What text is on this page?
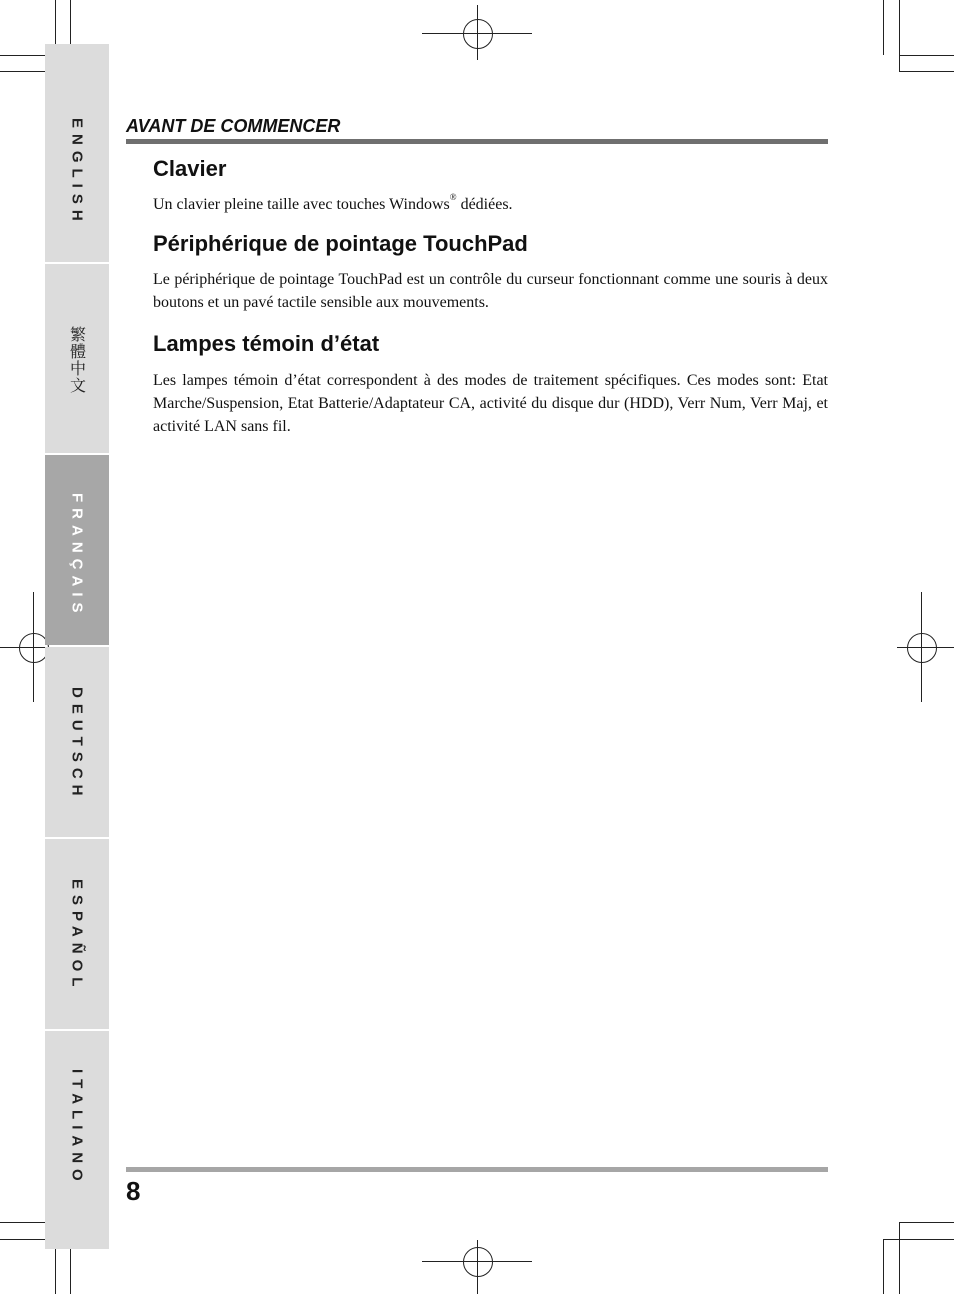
ENGLISH
繁體中文
FRANÇAIS
DEUTSCH
ESPAÑOL
ITALIANO
AVANT DE COMMENCER
Clavier

Un clavier pleine taille avec touches Windows® dédiées.

Périphérique de pointage TouchPad

Le périphérique de pointage TouchPad est un contrôle du curseur fonctionnant comme une souris à deux boutons et un pavé tactile sensible aux mouvements.

Lampes témoin d’état

Les lampes témoin d’état correspondent à des modes de traitement spécifiques. Ces modes sont: Etat Marche/Suspension, Etat Batterie/Adaptateur CA, activité du disque dur (HDD), Verr Num, Verr Maj, et activité LAN sans fil.

8
